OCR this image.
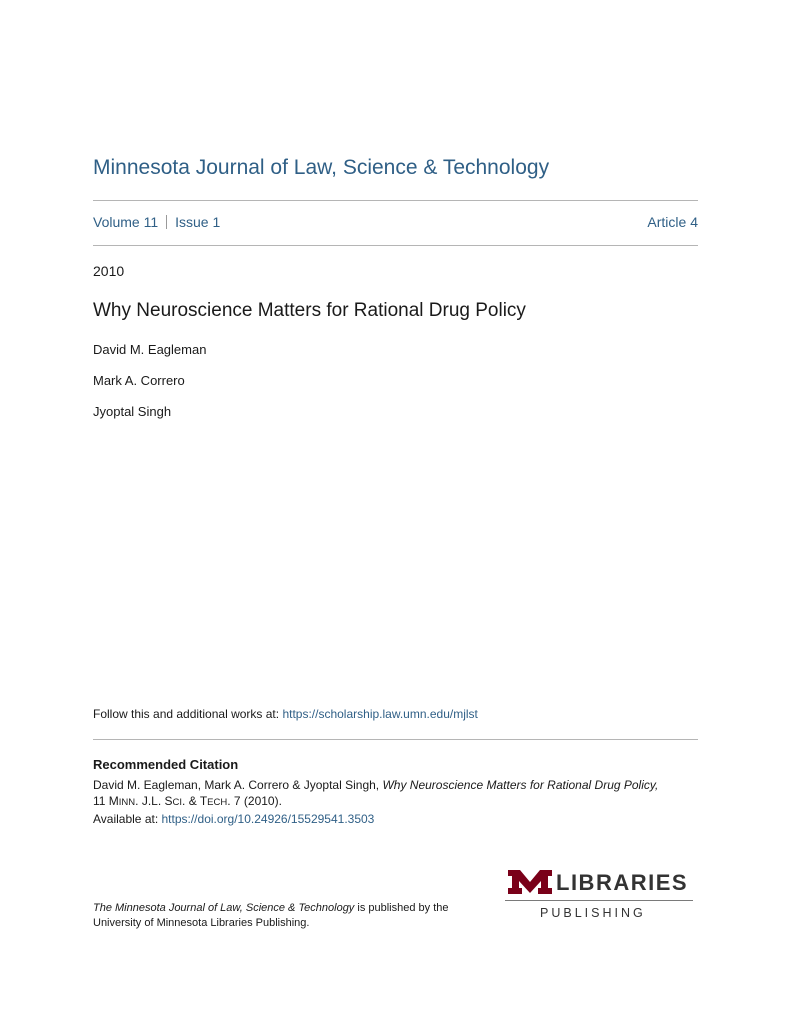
Minnesota Journal of Law, Science & Technology
Volume 11 Issue 1	Article 4
2010
Why Neuroscience Matters for Rational Drug Policy
David M. Eagleman
Mark A. Correro
Jyoptal Singh
Follow this and additional works at: https://scholarship.law.umn.edu/mjlst
Recommended Citation
David M. Eagleman, Mark A. Correro & Jyoptal Singh, Why Neuroscience Matters for Rational Drug Policy,
11 MINN. J.L. SCI. & TECH. 7 (2010).
Available at: https://doi.org/10.24926/15529541.3503
The Minnesota Journal of Law, Science & Technology is published by the
University of Minnesota Libraries Publishing.
LIBRARIES
PUBLISHING
